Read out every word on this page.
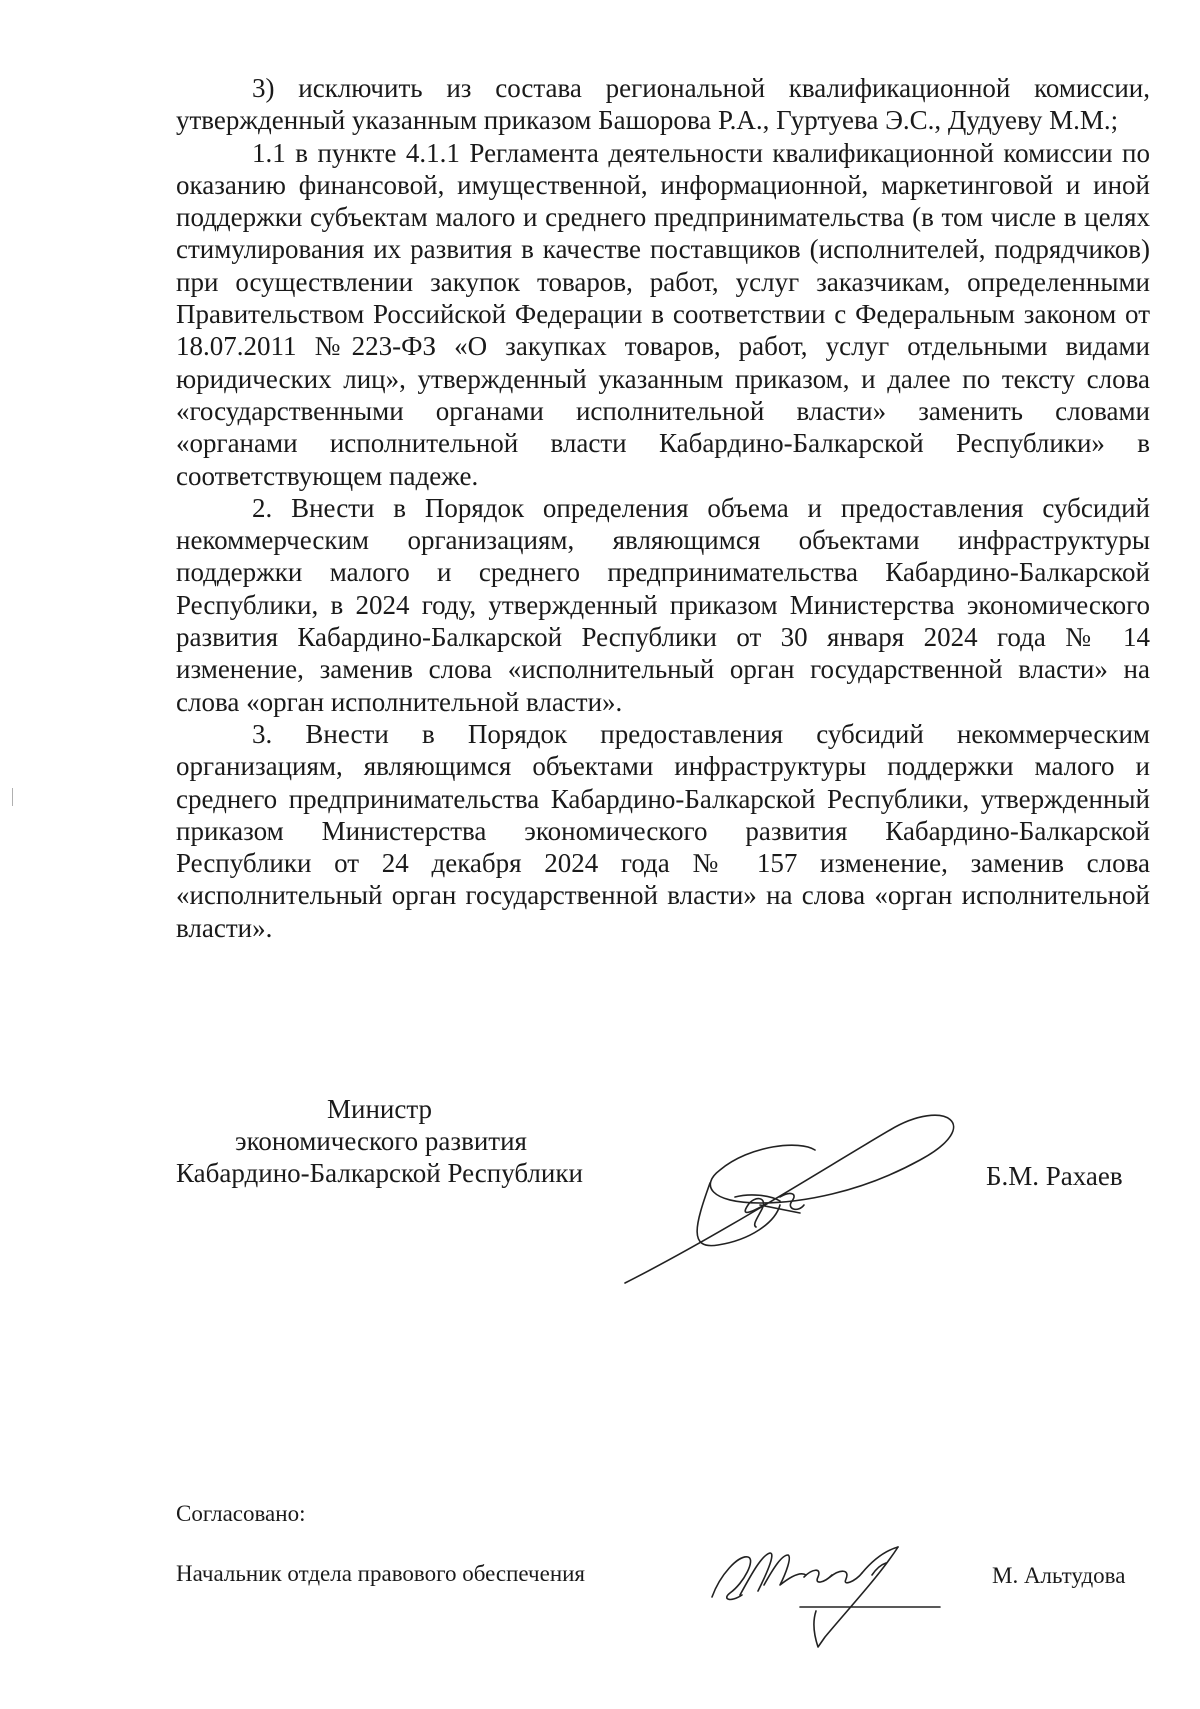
3) исключить из состава региональной квалификационной комиссии, утвержденный указанным приказом Башорова Р.А., Гуртуева Э.С., Дудуеву М.М.;

1.1 в пункте 4.1.1 Регламента деятельности квалификационной комиссии по оказанию финансовой, имущественной, информационной, маркетинговой и иной поддержки субъектам малого и среднего предпринимательства (в том числе в целях стимулирования их развития в качестве поставщиков (исполнителей, подрядчиков) при осуществлении закупок товаров, работ, услуг заказчикам, определенными Правительством Российской Федерации в соответствии с Федеральным законом от 18.07.2011 №223-ФЗ «О закупках товаров, работ, услуг отдельными видами юридических лиц», утвержденный указанным приказом, и далее по тексту слова «государственными органами исполнительной власти» заменить словами «органами исполнительной власти Кабардино-Балкарской Республики» в соответствующем падеже.

2. Внести в Порядок определения объема и предоставления субсидий некоммерческим организациям, являющимся объектами инфраструктуры поддержки малого и среднего предпринимательства Кабардино-Балкарской Республики, в 2024 году, утвержденный приказом Министерства экономического развития Кабардино-Балкарской Республики от 30 января 2024 года № 14 изменение, заменив слова «исполнительный орган государственной власти» на слова «орган исполнительной власти».

3. Внести в Порядок предоставления субсидий некоммерческим организациям, являющимся объектами инфраструктуры поддержки малого и среднего предпринимательства Кабардино-Балкарской Республики, утвержденный приказом Министерства экономического развития Кабардино-Балкарской Республики от 24 декабря 2024 года № 157 изменение, заменив слова «исполнительный орган государственной власти» на слова «орган исполнительной власти».

Министр
экономического развития
Кабардино-Балкарской Республики	Б.М. Рахаев
Согласовано:
Начальник отдела правового обеспечения	М. Альтудова
